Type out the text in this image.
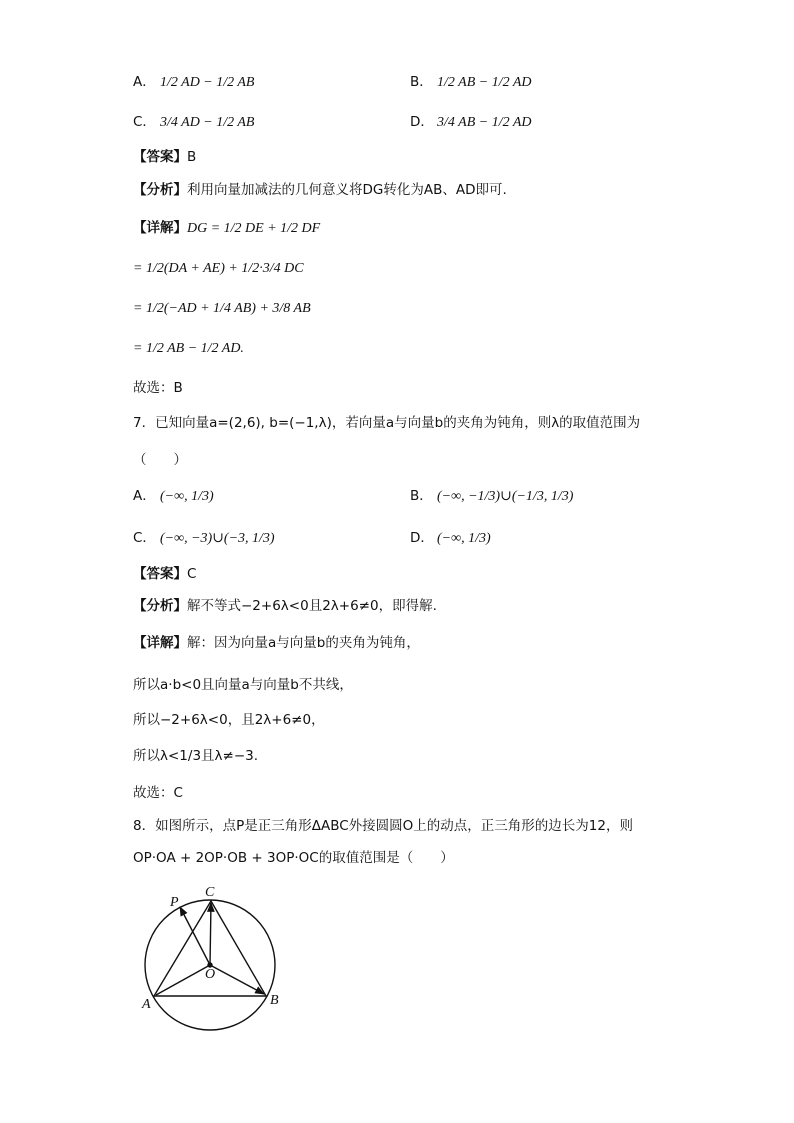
P
C
O
A	B
A． 1/2 AD − 1/2 AB	B． 1/2 AB − 1/2 AD
C． 3/4 AD − 1/2 AB	D． 3/4 AB − 1/2 AD
【答案】B
【分析】利用向量加减法的几何意义将DG转化为AB、AD即可.
【详解】DG = 1/2 DE + 1/2 DF
= 1/2(DA + AE) + 1/2·3/4 DC
= 1/2(−AD + 1/4 AB) + 3/8 AB
= 1/2 AB − 1/2 AD.
故选：B
7．已知向量a=(2,6), b=(−1,λ)，若向量a与向量b的夹角为钝角，则λ的取值范围为
（　　）
A． (−∞, 1/3)	B． (−∞, −1/3)∪(−1/3, 1/3)
C． (−∞, −3)∪(−3, 1/3)	D． (−∞, 1/3)
【答案】C
【分析】解不等式−2+6λ<0且2λ+6≠0，即得解.
【详解】解：因为向量a与向量b的夹角为钝角，
所以a·b<0且向量a与向量b不共线，
所以−2+6λ<0，且2λ+6≠0，
所以λ<1/3且λ≠−3.
故选：C
8．如图所示，点P是正三角形ΔABC外接圆圆O上的动点，正三角形的边长为12，则
OP·OA + 2OP·OB + 3OP·OC的取值范围是（　　）
